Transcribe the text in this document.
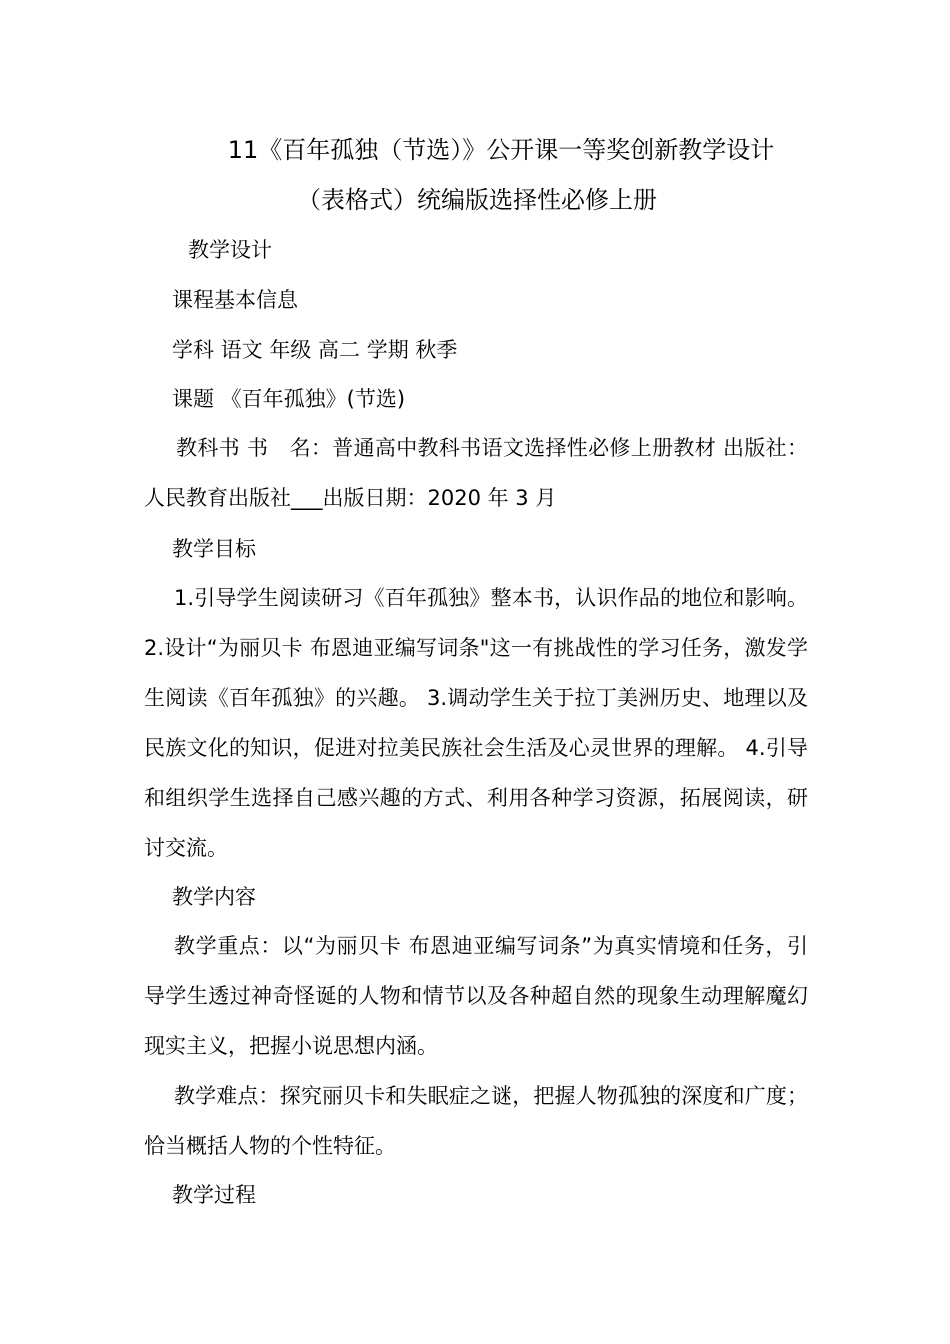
11《百年孤独（节选）》公开课一等奖创新教学设计
（表格式）统编版选择性必修上册
教学设计
课程基本信息
学科 语文 年级 高二 学期 秋季
课题 《百年孤独》(节选)
教科书 书　名：普通高中教科书语文选择性必修上册教材 出版社：人民教育出版社___出版日期：2020 年 3 月
教学目标
1.引导学生阅读研习《百年孤独》整本书，认识作品的地位和影响。 2.设计“为丽贝卡 布恩迪亚编写词条"这一有挑战性的学习任务，激发学生阅读《百年孤独》的兴趣。 3.调动学生关于拉丁美洲历史、地理以及民族文化的知识，促进对拉美民族社会生活及心灵世界的理解。 4.引导和组织学生选择自己感兴趣的方式、利用各种学习资源，拓展阅读，研讨交流。
教学内容
教学重点：以“为丽贝卡 布恩迪亚编写词条”为真实情境和任务，引导学生透过神奇怪诞的人物和情节以及各种超自然的现象生动理解魔幻现实主义，把握小说思想内涵。
教学难点：探究丽贝卡和失眠症之谜，把握人物孤独的深度和广度；恰当概括人物的个性特征。
教学过程
